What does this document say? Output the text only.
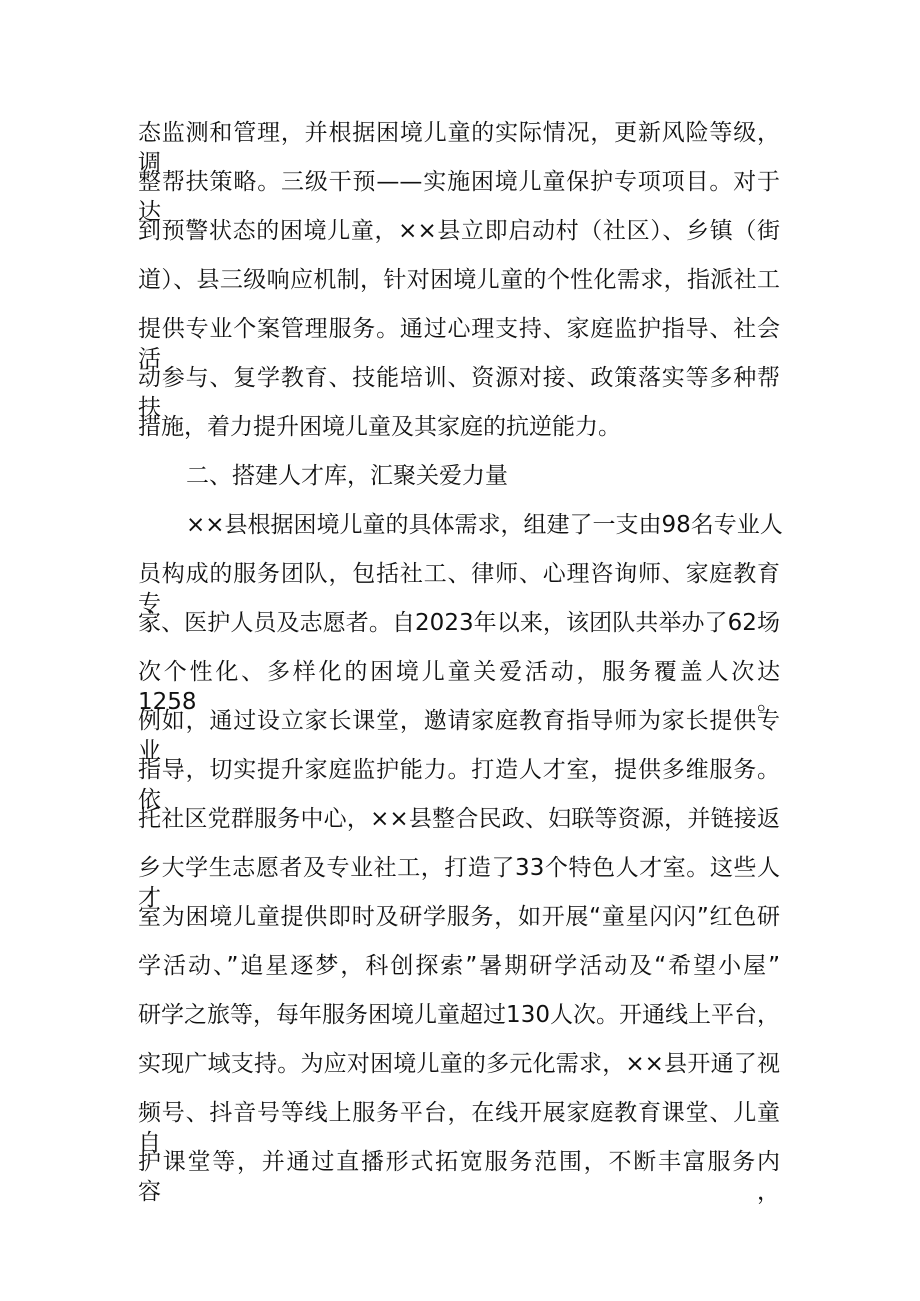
态监测和管理，并根据困境儿童的实际情况，更新风险等级，调
整帮扶策略。三级干预——实施困境儿童保护专项项目。对于达
到预警状态的困境儿童，××县立即启动村（社区）、乡镇（街
道）、县三级响应机制，针对困境儿童的个性化需求，指派社工
提供专业个案管理服务。通过心理支持、家庭监护指导、社会活
动参与、复学教育、技能培训、资源对接、政策落实等多种帮扶
措施，着力提升困境儿童及其家庭的抗逆能力。
二、搭建人才库，汇聚关爱力量
××县根据困境儿童的具体需求，组建了一支由98名专业人
员构成的服务团队，包括社工、律师、心理咨询师、家庭教育专
家、医护人员及志愿者。自2023年以来，该团队共举办了62场
次个性化、多样化的困境儿童关爱活动，服务覆盖人次达1258。
例如，通过设立家长课堂，邀请家庭教育指导师为家长提供专业
指导，切实提升家庭监护能力。打造人才室，提供多维服务。依
托社区党群服务中心，××县整合民政、妇联等资源，并链接返
乡大学生志愿者及专业社工，打造了33个特色人才室。这些人才
室为困境儿童提供即时及研学服务，如开展“童星闪闪”红色研
学活动、”追星逐梦，科创探索”暑期研学活动及“希望小屋”
研学之旅等，每年服务困境儿童超过130人次。开通线上平台，
实现广域支持。为应对困境儿童的多元化需求，××县开通了视
频号、抖音号等线上服务平台，在线开展家庭教育课堂、儿童自
护课堂等，并通过直播形式拓宽服务范围，不断丰富服务内容，
